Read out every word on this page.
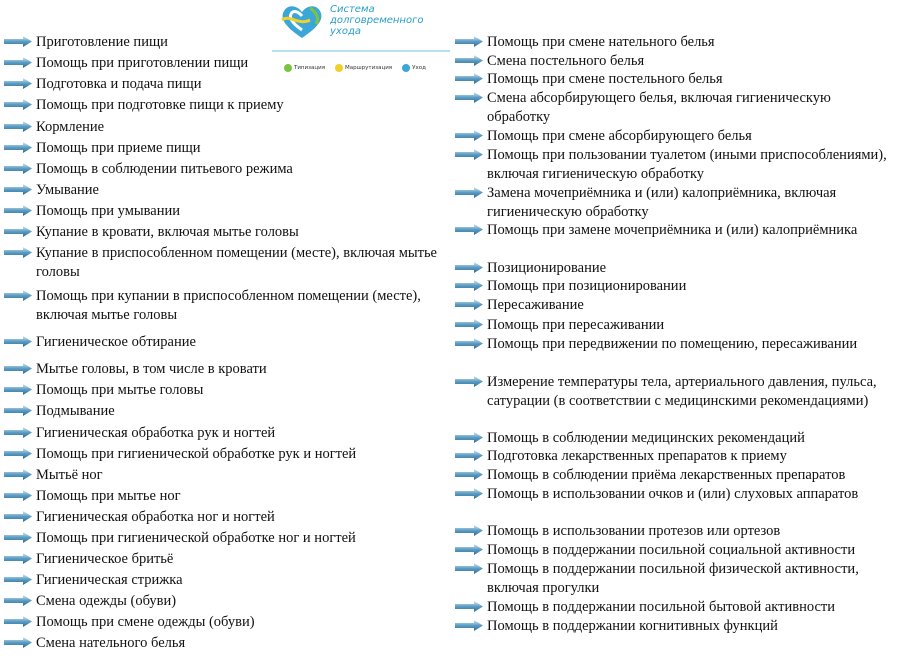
Система
долговременного
ухода
Типизация	Маршрутизация	Уход
Приготовление пищи
Помощь при приготовлении пищи
Подготовка и подача пищи
Помощь при подготовке пищи к приему
Кормление
Помощь при приеме пищи
Помощь в соблюдении питьевого режима
Умывание
Помощь при умывании
Купание в кровати, включая мытье головы
Купание в приспособленном помещении (месте), включая мытье головы
Помощь при купании в приспособленном помещении (месте), включая мытье головы
Гигиеническое обтирание
Мытье головы, в том числе в кровати
Помощь при мытье головы
Подмывание
Гигиеническая обработка рук и ногтей
Помощь при гигиенической обработке рук и ногтей
Мытьё ног
Помощь при мытье ног
Гигиеническая обработка ног и ногтей
Помощь при гигиенической обработке ног и ногтей
Гигиеническое бритьё
Гигиеническая стрижка
Смена одежды (обуви)
Помощь при смене одежды (обуви)
Смена нательного белья
Помощь при смене нательного белья
Смена постельного белья
Помощь при смене постельного белья
Смена абсорбирующего белья, включая гигиеническую обработку
Помощь при смене абсорбирующего белья
Помощь при пользовании туалетом (иными приспособлениями), включая гигиеническую обработку
Замена мочеприёмника и (или) калоприёмника, включая гигиеническую обработку
Помощь при замене мочеприёмника и (или) калоприёмника
Позиционирование
Помощь при позиционировании
Пересаживание
Помощь при пересаживании
Помощь при передвижении по помещению, пересаживании
Измерение температуры тела, артериального давления, пульса, сатурации (в соответствии с медицинскими рекомендациями)
Помощь в соблюдении медицинских рекомендаций
Подготовка лекарственных препаратов к приему
Помощь в соблюдении приёма лекарственных препаратов
Помощь в использовании очков и (или) слуховых аппаратов
Помощь в использовании протезов или ортезов
Помощь в поддержании посильной социальной активности
Помощь в поддержании посильной физической активности, включая прогулки
Помощь в поддержании посильной бытовой активности
Помощь в поддержании когнитивных функций
